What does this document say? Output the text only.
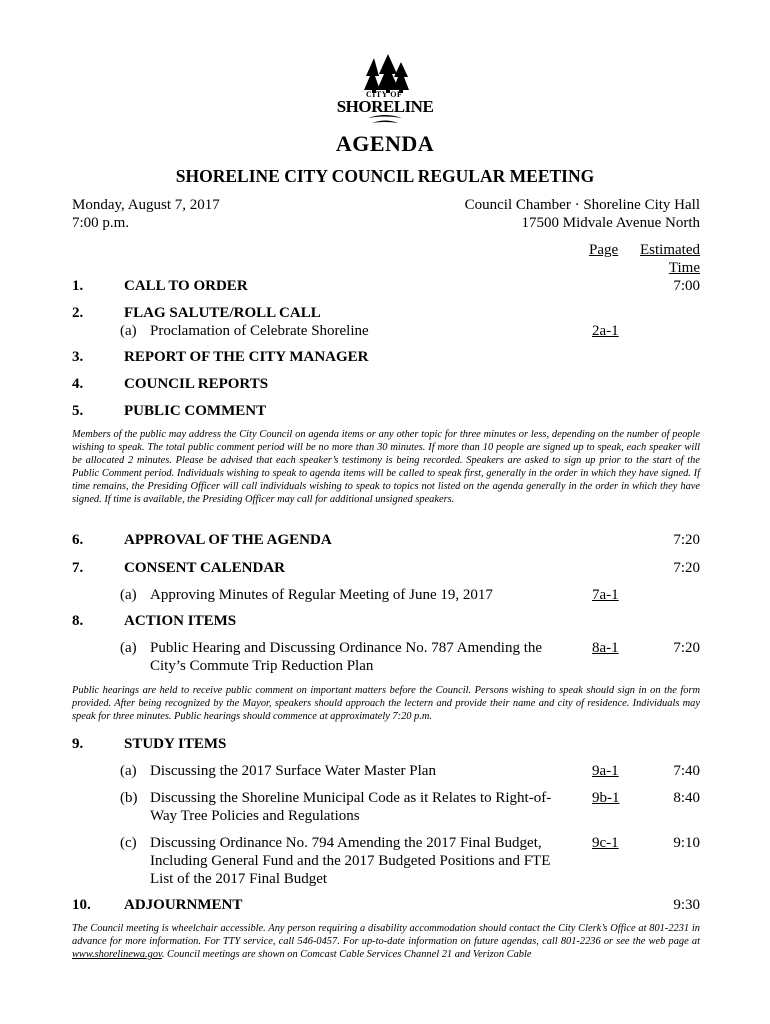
CITY OF
SHORELINE
AGENDA
SHORELINE CITY COUNCIL REGULAR MEETING
Monday, August 7, 2017
7:00 p.m.
Council Chamber · Shoreline City Hall
17500 Midvale Avenue North
Page Estimated
Time
1.	CALL TO ORDER	7:00
2.	FLAG SALUTE/ROLL CALL
(a) Proclamation of Celebrate Shoreline	2a-1
3.	REPORT OF THE CITY MANAGER
4.	COUNCIL REPORTS
5.	PUBLIC COMMENT
Members of the public may address the City Council on agenda items or any other topic for three minutes or less, depending on the number of people wishing to speak. The total public comment period will be no more than 30 minutes. If more than 10 people are signed up to speak, each speaker will be allocated 2 minutes. Please be advised that each speaker’s testimony is being recorded. Speakers are asked to sign up prior to the start of the Public Comment period. Individuals wishing to speak to agenda items will be called to speak first, generally in the order in which they have signed. If time remains, the Presiding Officer will call individuals wishing to speak to topics not listed on the agenda generally in the order in which they have signed. If time is available, the Presiding Officer may call for additional unsigned speakers.
6.	APPROVAL OF THE AGENDA	7:20
7.	CONSENT CALENDAR	7:20
(a) Approving Minutes of Regular Meeting of June 19, 2017	7a-1
8.	ACTION ITEMS
(a) Public Hearing and Discussing Ordinance No. 787 Amending the
City’s Commute Trip Reduction Plan
8a-1	7:20
Public hearings are held to receive public comment on important matters before the Council. Persons wishing to speak should sign in on the form provided. After being recognized by the Mayor, speakers should approach the lectern and provide their name and city of residence. Individuals may speak for three minutes. Public hearings should commence at approximately 7:20 p.m.
9.	STUDY ITEMS
(a) Discussing the 2017 Surface Water Master Plan	9a-1	7:40
(b) Discussing the Shoreline Municipal Code as it Relates to Right-of-
Way Tree Policies and Regulations
9b-1	8:40
(c) Discussing Ordinance No. 794 Amending the 2017 Final Budget,
Including General Fund and the 2017 Budgeted Positions and FTE
List of the 2017 Final Budget
9c-1	9:10
10. ADJOURNMENT	9:30
The Council meeting is wheelchair accessible. Any person requiring a disability accommodation should contact the City Clerk’s Office at 801-2231 in advance for more information. For TTY service, call 546-0457. For up-to-date information on future agendas, call 801-2236 or see the web page at www.shorelinewa.gov. Council meetings are shown on Comcast Cable Services Channel 21 and Verizon Cable
